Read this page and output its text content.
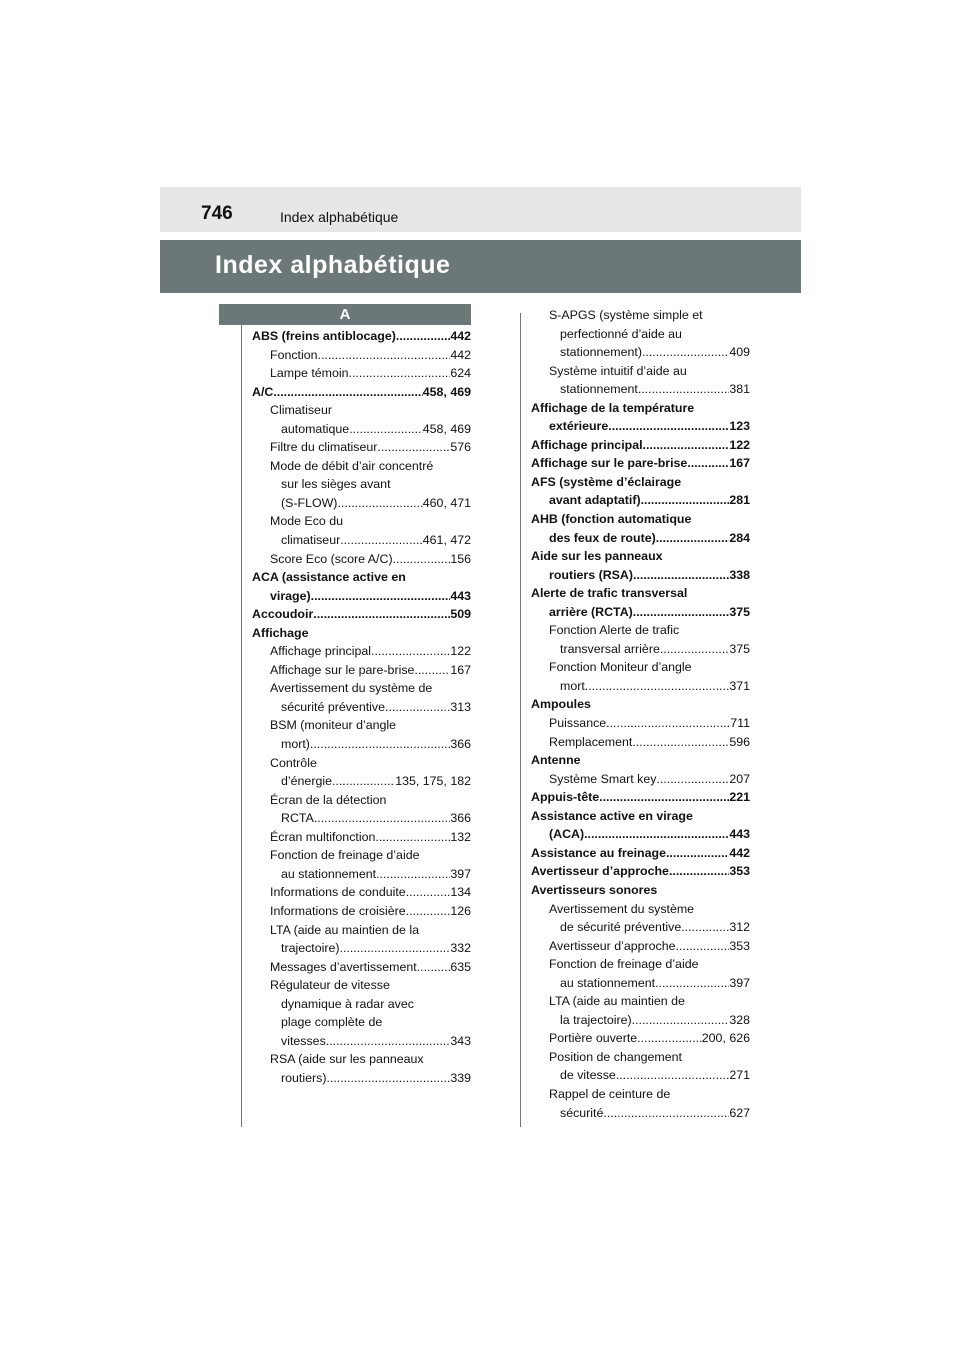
746	Index alphabétique
Index alphabétique
A
ABS (freins antiblocage) .....	442
Fonction .....	442
Lampe témoin .....	624
A/C .....	458, 469
Climatiseur
automatique .....	458, 469
Filtre du climatiseur .....	576
Mode de débit d’air concentré
sur les sièges avant
(S-FLOW) .....	460, 471
Mode Eco du
climatiseur .....	461, 472
Score Eco (score A/C) .....	156
ACA (assistance active en
virage) .....	443
Accoudoir .....	509
Affichage
Affichage principal .....	122
Affichage sur le pare-brise .....	167
Avertissement du système de
sécurité préventive .....	313
BSM (moniteur d’angle
mort) .....	366
Contrôle
d’énergie .....	135, 175, 182
Écran de la détection
RCTA .....	366
Écran multifonction .....	132
Fonction de freinage d’aide
au stationnement .....	397
Informations de conduite .....	134
Informations de croisière .....	126
LTA (aide au maintien de la
trajectoire) .....	332
Messages d’avertissement .....	635
Régulateur de vitesse
dynamique à radar avec
plage complète de
vitesses .....	343
RSA (aide sur les panneaux
routiers) .....	339
S-APGS (système simple et
perfectionné d’aide au
stationnement) .....	409
Système intuitif d’aide au
stationnement .....	381
Affichage de la température
extérieure .....	123
Affichage principal .....	122
Affichage sur le pare-brise .....	167
AFS (système d’éclairage
avant adaptatif) .....	281
AHB (fonction automatique
des feux de route) .....	284
Aide sur les panneaux
routiers (RSA) .....	338
Alerte de trafic transversal
arrière (RCTA) .....	375
Fonction Alerte de trafic
transversal arrière .....	375
Fonction Moniteur d’angle
mort .....	371
Ampoules
Puissance .....	711
Remplacement .....	596
Antenne
Système Smart key .....	207
Appuis-tête .....	221
Assistance active en virage
(ACA) .....	443
Assistance au freinage .....	442
Avertisseur d’approche .....	353
Avertisseurs sonores
Avertissement du système
de sécurité préventive .....	312
Avertisseur d’approche .....	353
Fonction de freinage d’aide
au stationnement .....	397
LTA (aide au maintien de
la trajectoire) .....	328
Portière ouverte .....	200, 626
Position de changement
de vitesse .....	271
Rappel de ceinture de
sécurité .....	627
